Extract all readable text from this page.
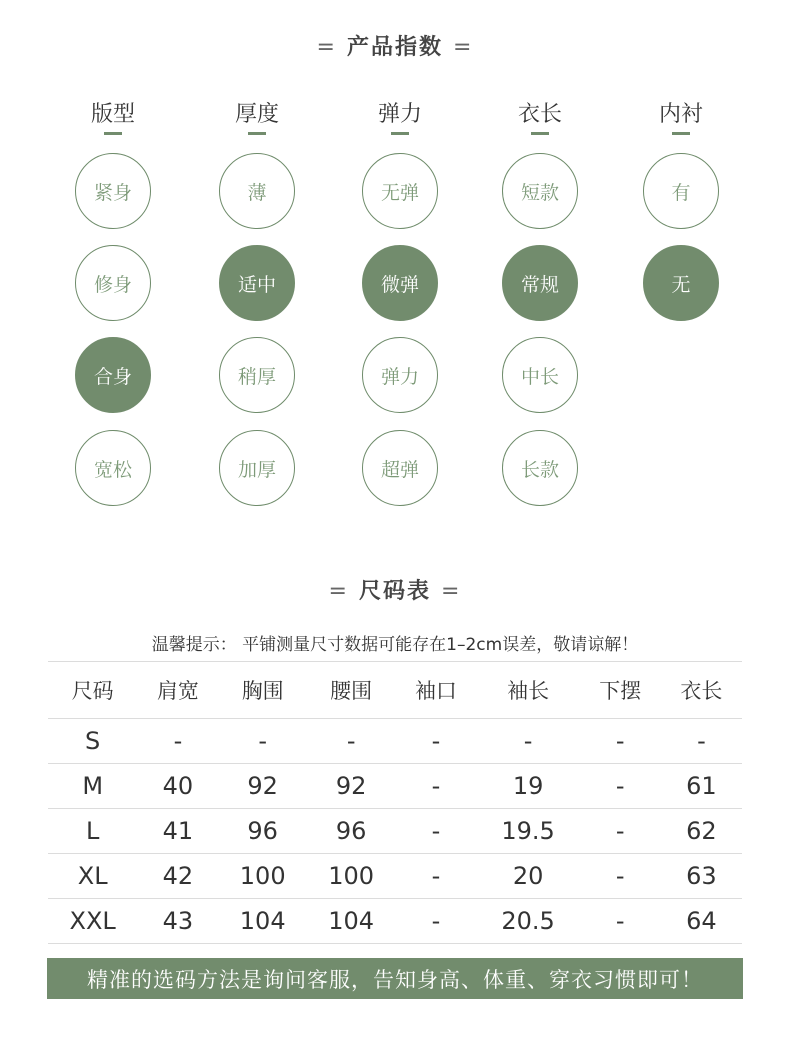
= 产品指数 =
版型
紧身
修身
合身
宽松
厚度
薄
适中
稍厚
加厚
弹力
无弹
微弹
弹力
超弹
衣长
短款
常规
中长
长款
内衬
有
无
= 尺码表 =
温馨提示： 平铺测量尺寸数据可能存在1–2cm误差，敬请谅解！
尺码	肩宽	胸围	腰围	袖口	袖长	下摆	衣长
S	-	-	-	-	-	-	-
M	40	92	92	-	19	-	61
L	41	96	96	-	19.5	-	62
XL	42	100	100	-	20	-	63
XXL	43	104	104	-	20.5	-	64
精准的选码方法是询问客服，告知身高、体重、穿衣习惯即可！
